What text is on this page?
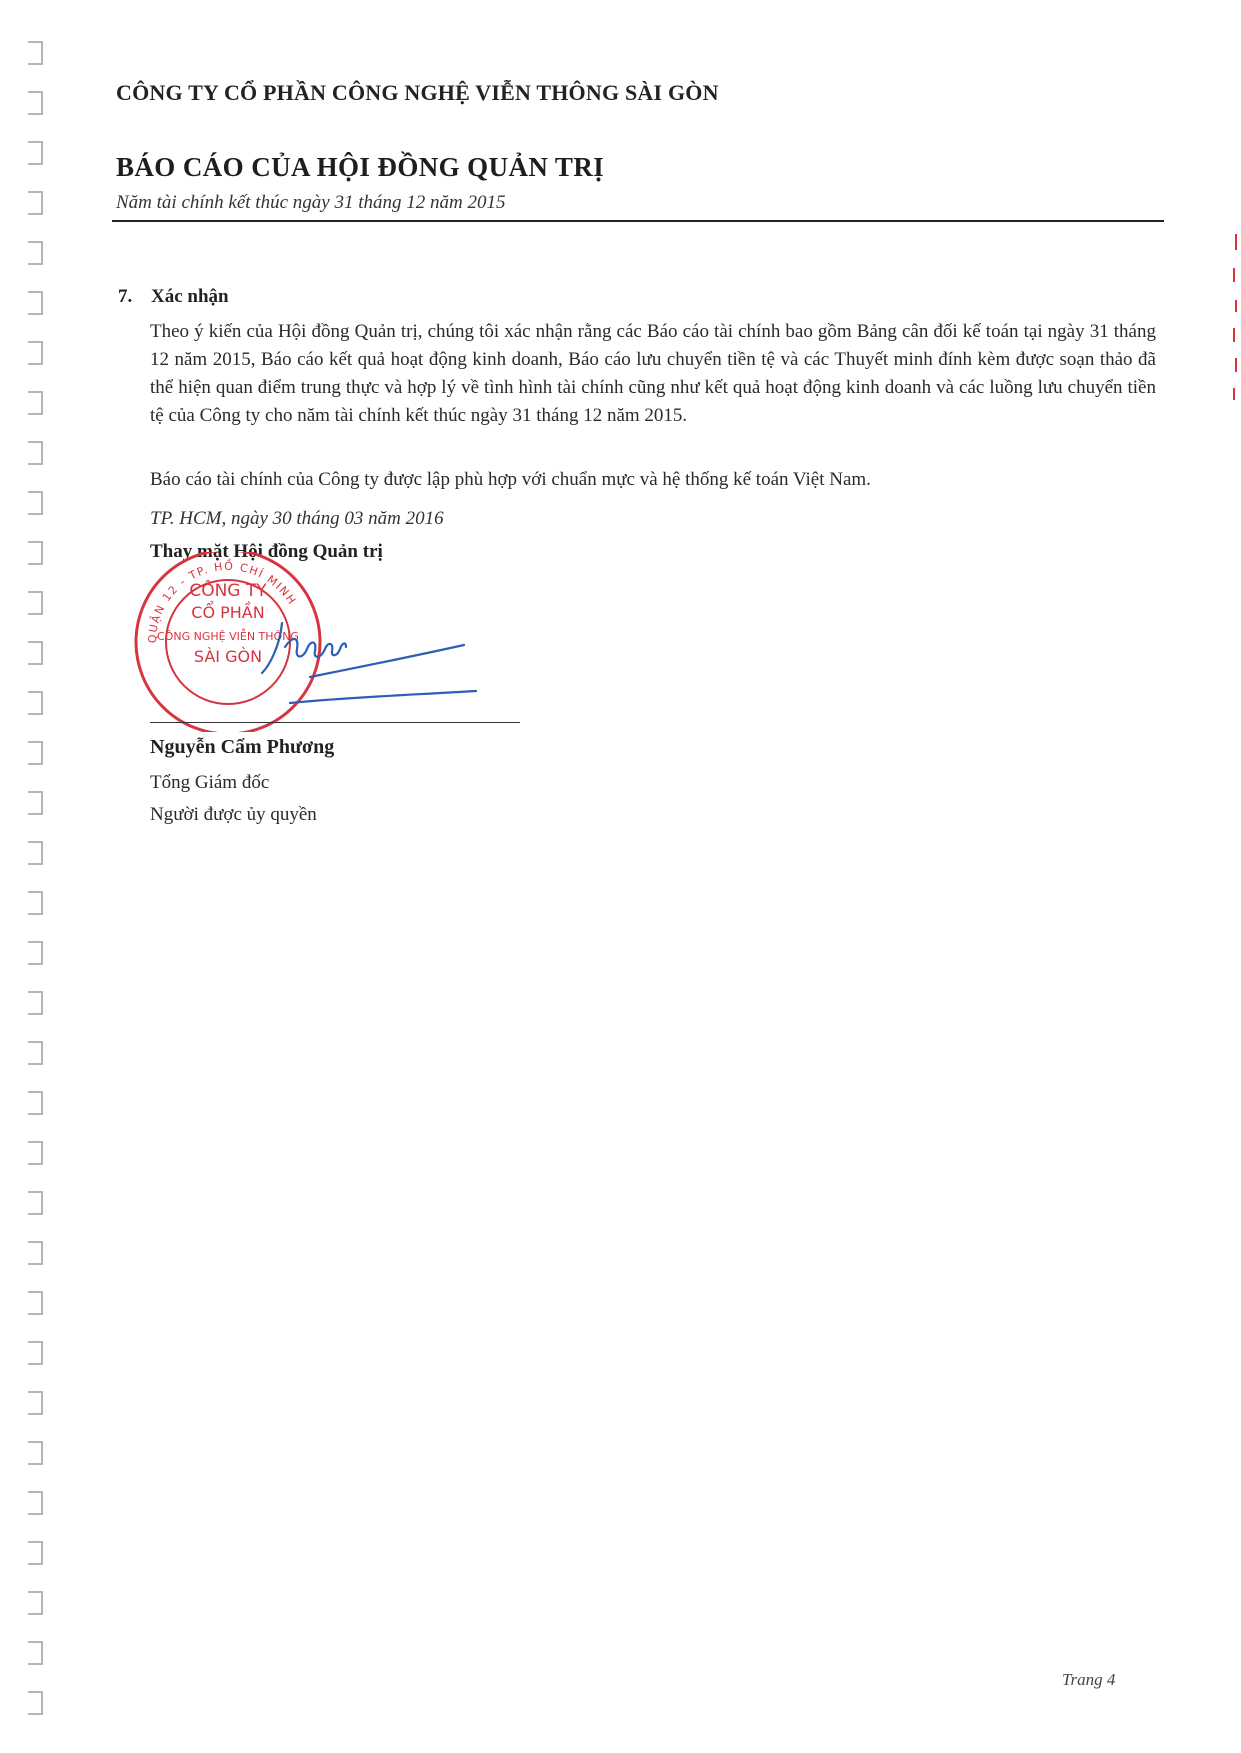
CÔNG TY CỔ PHẦN CÔNG NGHỆ VIỄN THÔNG SÀI GÒN
BÁO CÁO CỦA HỘI ĐỒNG QUẢN TRỊ
Năm tài chính kết thúc ngày 31 tháng 12 năm 2015
7. Xác nhận

Theo ý kiến của Hội đồng Quản trị, chúng tôi xác nhận rằng các Báo cáo tài chính bao gồm Bảng cân đối kế toán tại ngày 31 tháng 12 năm 2015, Báo cáo kết quả hoạt động kinh doanh, Báo cáo lưu chuyển tiền tệ và các Thuyết minh đính kèm được soạn thảo đã thể hiện quan điểm trung thực và hợp lý về tình hình tài chính cũng như kết quả hoạt động kinh doanh và các luồng lưu chuyển tiền tệ của Công ty cho năm tài chính kết thúc ngày 31 tháng 12 năm 2015.

Báo cáo tài chính của Công ty được lập phù hợp với chuẩn mực và hệ thống kế toán Việt Nam.

TP. HCM, ngày 30 tháng 03 năm 2016
Thay mặt Hội đồng Quản trị
CÔNG TY
CỔ PHẦN
CÔNG NGHỆ VIỄN THÔNG
SÀI GÒN
QUẬN 12 - TP. HỒ CHÍ MINH
Nguyễn Cẩm Phương
Tổng Giám đốc
Người được ủy quyền
Trang 4
